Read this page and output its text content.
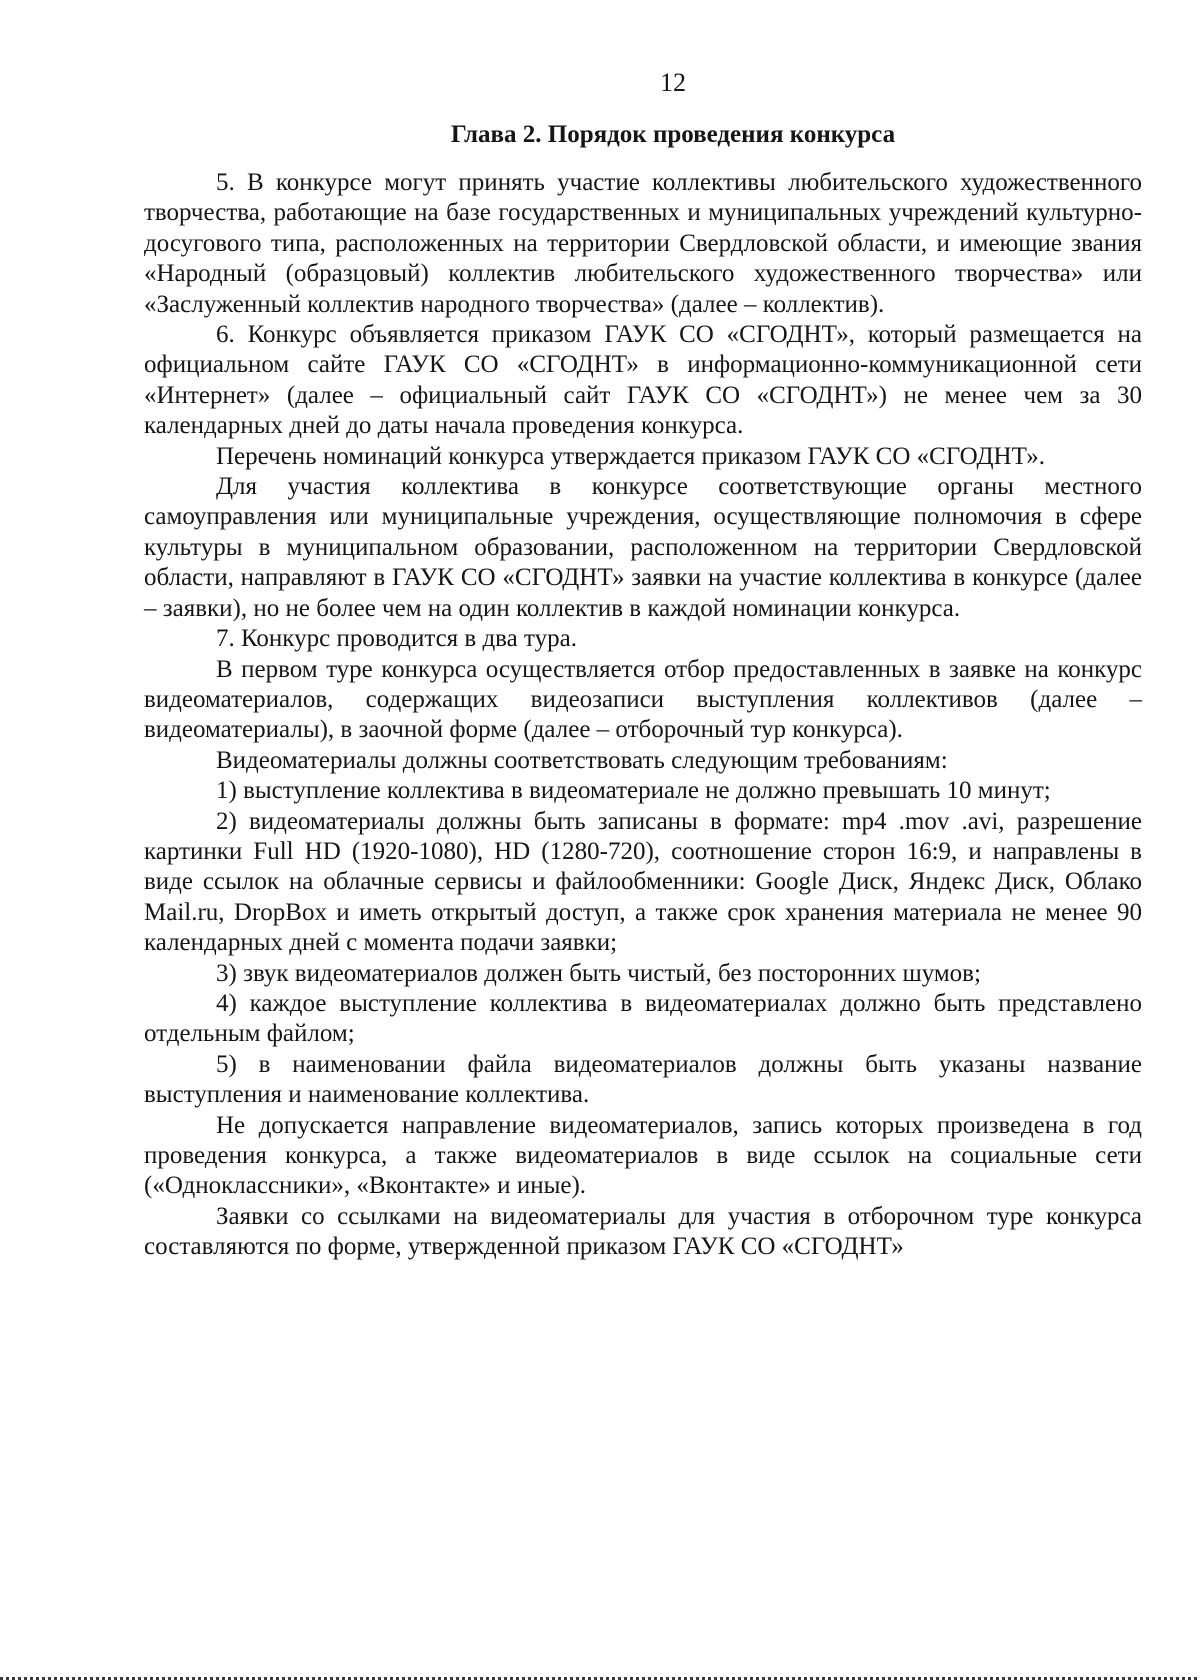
12
Глава 2. Порядок проведения конкурса

5. В конкурсе могут принять участие коллективы любительского художественного творчества, работающие на базе государственных и муниципальных учреждений культурно-досугового типа, расположенных на территории Свердловской области, и имеющие звания «Народный (образцовый) коллектив любительского художественного творчества» или «Заслуженный коллектив народного творчества» (далее – коллектив).

6. Конкурс объявляется приказом ГАУК СО «СГОДНТ», который размещается на официальном сайте ГАУК СО «СГОДНТ» в информационно-коммуникационной сети «Интернет» (далее – официальный сайт ГАУК СО «СГОДНТ») не менее чем за 30 календарных дней до даты начала проведения конкурса.

Перечень номинаций конкурса утверждается приказом ГАУК СО «СГОДНТ».

Для участия коллектива в конкурсе соответствующие органы местного самоуправления или муниципальные учреждения, осуществляющие полномочия в сфере культуры в муниципальном образовании, расположенном на территории Свердловской области, направляют в ГАУК СО «СГОДНТ» заявки на участие коллектива в конкурсе (далее – заявки), но не более чем на один коллектив в каждой номинации конкурса.

7. Конкурс проводится в два тура.

В первом туре конкурса осуществляется отбор предоставленных в заявке на конкурс видеоматериалов, содержащих видеозаписи выступления коллективов (далее – видеоматериалы), в заочной форме (далее – отборочный тур конкурса).

Видеоматериалы должны соответствовать следующим требованиям:

1) выступление коллектива в видеоматериале не должно превышать 10 минут;

2) видеоматериалы должны быть записаны в формате: mp4 .mov .avi, разрешение картинки Full HD (1920-1080), HD (1280-720), соотношение сторон 16:9, и направлены в виде ссылок на облачные сервисы и файлообменники: Google Диск, Яндекс Диск, Облако Mail.ru, DropBox и иметь открытый доступ, а также срок хранения материала не менее 90 календарных дней с момента подачи заявки;

3) звук видеоматериалов должен быть чистый, без посторонних шумов;

4) каждое выступление коллектива в видеоматериалах должно быть представлено отдельным файлом;

5) в наименовании файла видеоматериалов должны быть указаны название выступления и наименование коллектива.

Не допускается направление видеоматериалов, запись которых произведена в год проведения конкурса, а также видеоматериалов в виде ссылок на социальные сети («Одноклассники», «Вконтакте» и иные).

Заявки со ссылками на видеоматериалы для участия в отборочном туре конкурса составляются по форме, утвержденной приказом ГАУК СО «СГОДНТ»
